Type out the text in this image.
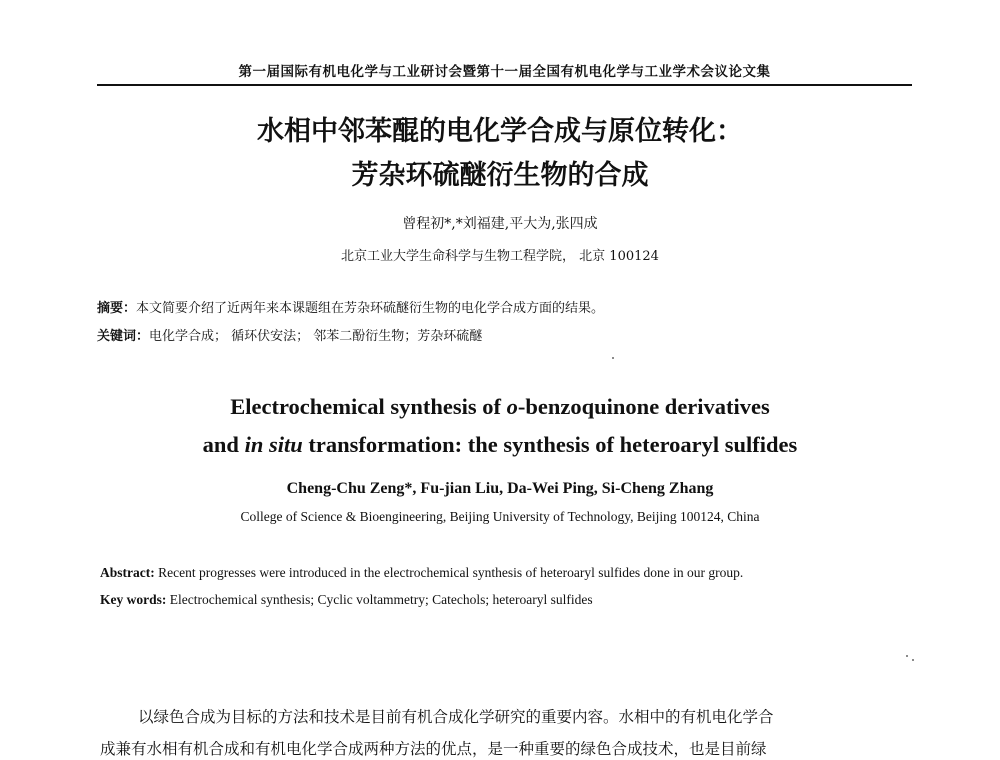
第一届国际有机电化学与工业研讨会暨第十一届全国有机电化学与工业学术会议论文集
水相中邻苯醌的电化学合成与原位转化：
芳杂环硫醚衍生物的合成
曾程初*,*刘福建,平大为,张四成
北京工业大学生命科学与生物工程学院， 北京 100124
摘要：本文简要介绍了近两年来本课题组在芳杂环硫醚衍生物的电化学合成方面的结果。
关键词：电化学合成； 循环伏安法； 邻苯二酚衍生物；芳杂环硫醚
Electrochemical synthesis of o-benzoquinone derivatives
and in situ transformation: the synthesis of heteroaryl sulfides
Cheng-Chu Zeng*, Fu-jian Liu, Da-Wei Ping, Si-Cheng Zhang
College of Science & Bioengineering, Beijing University of Technology, Beijing 100124, China
Abstract: Recent progresses were introduced in the electrochemical synthesis of heteroaryl sulfides done in our group.
Key words: Electrochemical synthesis; Cyclic voltammetry; Catechols; heteroaryl sulfides
以绿色合成为目标的方法和技术是目前有机合成化学研究的重要内容。水相中的有机电化学合
成兼有水相有机合成和有机电化学合成两种方法的优点，是一种重要的绿色合成技术，也是目前绿
